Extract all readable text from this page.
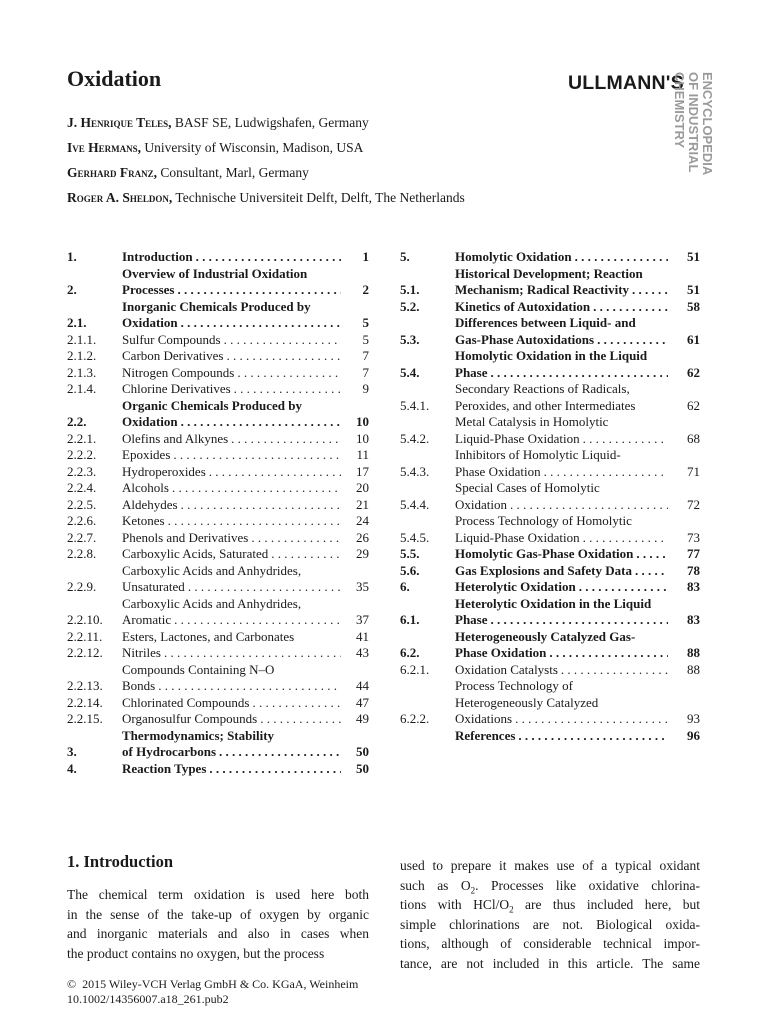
Oxidation
J. Henrique Teles, BASF SE, Ludwigshafen, Germany
Ive Hermans, University of Wisconsin, Madison, USA
Gerhard Franz, Consultant, Marl, Germany
Roger A. Sheldon, Technische Universiteit Delft, Delft, The Netherlands
ULLMANN'S ENCYCLOPEDIA
OF INDUSTRIAL
CHEMISTRY
1.	Introduction . . .	1
2.
Overview of Industrial Oxidation
Processes . . .	2
2.1.
Inorganic Chemicals Produced by
Oxidation . . .	5
2.1.1.	Sulfur Compounds . . .	5
2.1.2.	Carbon Derivatives . . .	7
2.1.3.	Nitrogen Compounds . . .	7
2.1.4.	Chlorine Derivatives . . .	9
2.2.
Organic Chemicals Produced by
Oxidation . . .	10
2.2.1.	Olefins and Alkynes . . .	10
2.2.2.	Epoxides . . .	11
2.2.3.	Hydroperoxides . . .	17
2.2.4.	Alcohols . . .	20
2.2.5.	Aldehydes . . .	21
2.2.6.	Ketones . . .	24
2.2.7.	Phenols and Derivatives . . .	26
2.2.8.	Carboxylic Acids, Saturated . . .	29
2.2.9.
Carboxylic Acids and Anhydrides,
Unsaturated . . .	35
2.2.10.
Carboxylic Acids and Anhydrides,
Aromatic . . .	37
2.2.11.	Esters, Lactones, and Carbonates	41
2.2.12.	Nitriles . . .	43
2.2.13.
Compounds Containing N–O
Bonds . . .	44
2.2.14.	Chlorinated Compounds . . .	47
2.2.15.	Organosulfur Compounds . . .	49
3.
Thermodynamics; Stability
of Hydrocarbons . . .	50
4.	Reaction Types . . .	50
5.	Homolytic Oxidation . . .	51
5.1.
Historical Development; Reaction
Mechanism; Radical Reactivity . . .	51
5.2.	Kinetics of Autoxidation . . .	58
5.3.
Differences between Liquid- and
Gas-Phase Autoxidations . . .	61
5.4.
Homolytic Oxidation in the Liquid
Phase . . .	62
5.4.1.
Secondary Reactions of Radicals,
Peroxides, and other Intermediates	62
5.4.2.
Metal Catalysis in Homolytic
Liquid-Phase Oxidation . . .	68
5.4.3.
Inhibitors of Homolytic Liquid-
Phase Oxidation . . .	71
5.4.4.
Special Cases of Homolytic
Oxidation . . .	72
5.4.5.
Process Technology of Homolytic
Liquid-Phase Oxidation . . .	73
5.5.	Homolytic Gas-Phase Oxidation . . .	77
5.6.	Gas Explosions and Safety Data . . .	78
6.	Heterolytic Oxidation . . .	83
6.1.
Heterolytic Oxidation in the Liquid
Phase . . .	83
6.2.
Heterogeneously Catalyzed Gas-
Phase Oxidation . . .	88
6.2.1.	Oxidation Catalysts . . .	88
6.2.2.
Process Technology of
Heterogeneously Catalyzed
Oxidations . . .	93
References . . .	96
1. Introduction
The chemical term oxidation is used here both
in the sense of the take-up of oxygen by organic
and inorganic materials and also in cases when
the product contains no oxygen, but the process
used to prepare it makes use of a typical oxidant
such as $O_2$. Processes like oxidative chlorina-
tions with HCl/$O_2$ are thus included here, but
simple chlorinations are not. Biological oxida-
tions, although of considerable technical impor-
tance, are not included in this article. The same
© 2015 Wiley-VCH Verlag GmbH & Co. KGaA, Weinheim
10.1002/14356007.a18_261.pub2
